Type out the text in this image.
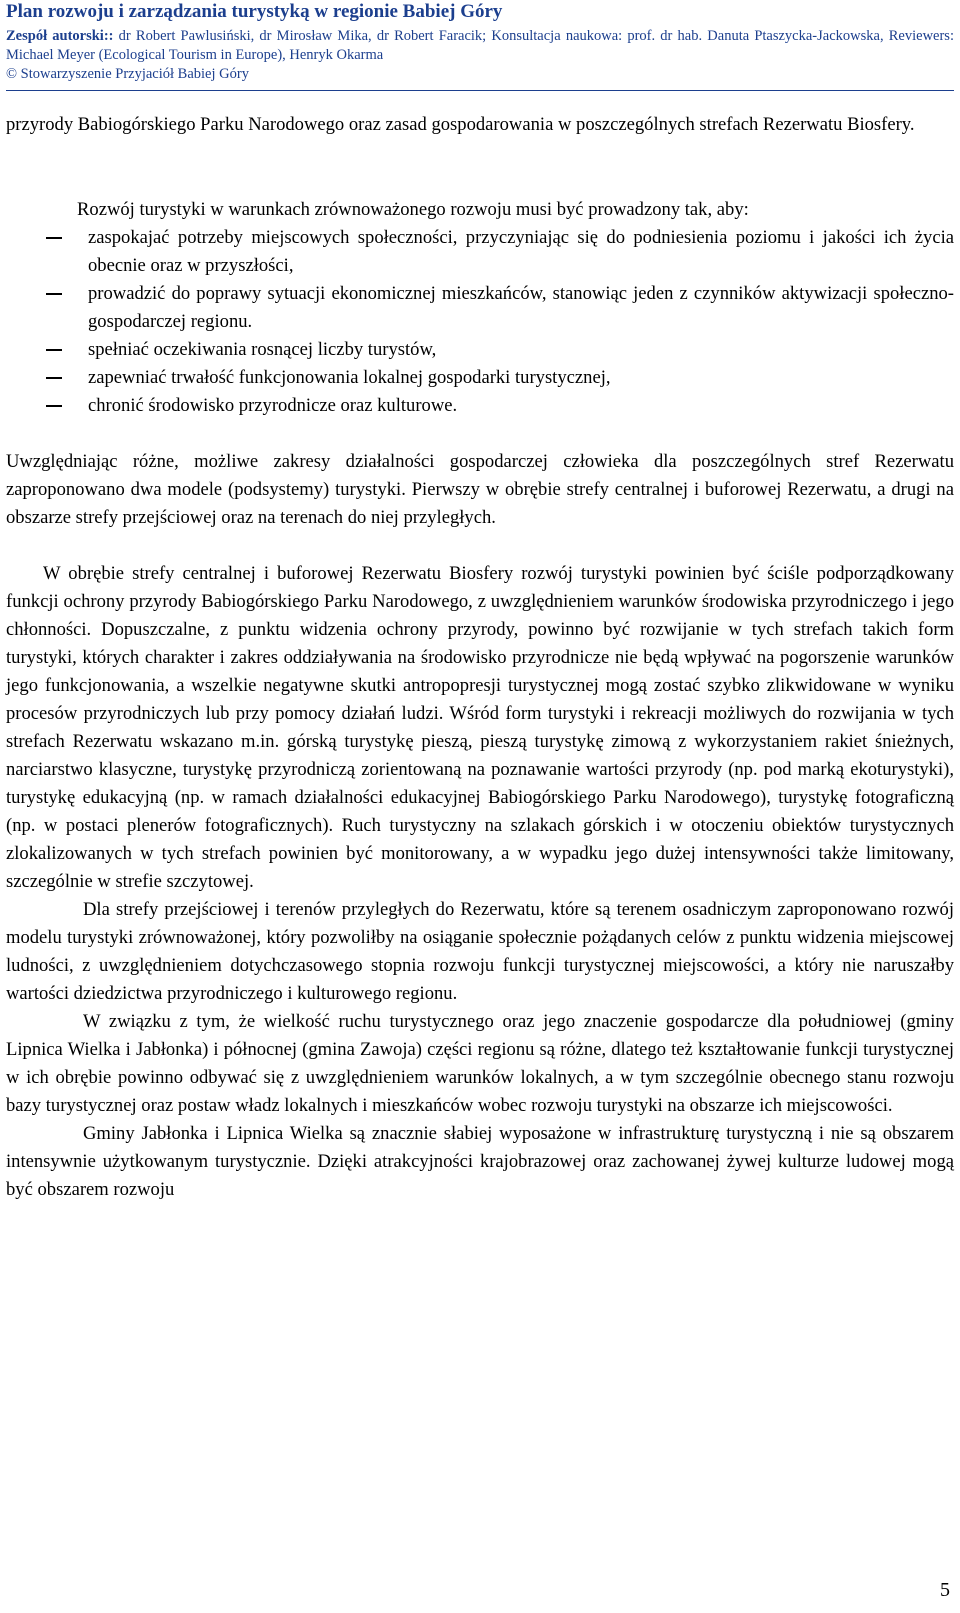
Plan rozwoju i zarządzania turystyką w regionie Babiej Góry

Zespół autorski:: dr Robert Pawlusiński, dr Mirosław Mika, dr Robert Faracik; Konsultacja naukowa: prof. dr hab. Danuta Ptaszycka-Jackowska, Reviewers: Michael Meyer (Ecological Tourism in Europe), Henryk Okarma

© Stowarzyszenie Przyjaciół Babiej Góry

przyrody Babiogórskiego Parku Narodowego oraz zasad gospodarowania w poszczególnych strefach Rezerwatu Biosfery.

Rozwój turystyki w warunkach zrównoważonego rozwoju musi być prowadzony tak, aby:

zaspokajać potrzeby miejscowych społeczności, przyczyniając się do podniesienia poziomu i jakości ich życia obecnie oraz w przyszłości,
prowadzić do poprawy sytuacji ekonomicznej mieszkańców, stanowiąc jeden z czynników aktywizacji społeczno-gospodarczej regionu.
spełniać oczekiwania rosnącej liczby turystów,
zapewniać trwałość funkcjonowania lokalnej gospodarki turystycznej,
chronić środowisko przyrodnicze oraz kulturowe.

Uwzględniając różne, możliwe zakresy działalności gospodarczej człowieka dla poszczególnych stref Rezerwatu zaproponowano dwa modele (podsystemy) turystyki. Pierwszy w obrębie strefy centralnej i buforowej Rezerwatu, a drugi na obszarze strefy przejściowej oraz na terenach do niej przyległych.

W obrębie strefy centralnej i buforowej Rezerwatu Biosfery rozwój turystyki powinien być ściśle podporządkowany funkcji ochrony przyrody Babiogórskiego Parku Narodowego, z uwzględnieniem warunków środowiska przyrodniczego i jego chłonności. Dopuszczalne, z punktu widzenia ochrony przyrody, powinno być rozwijanie w tych strefach takich form turystyki, których charakter i zakres oddziaływania na środowisko przyrodnicze nie będą wpływać na pogorszenie warunków jego funkcjonowania, a wszelkie negatywne skutki antropopresji turystycznej mogą zostać szybko zlikwidowane w wyniku procesów przyrodniczych lub przy pomocy działań ludzi. Wśród form turystyki i rekreacji możliwych do rozwijania w tych strefach Rezerwatu wskazano m.in. górską turystykę pieszą, pieszą turystykę zimową z wykorzystaniem rakiet śnieżnych, narciarstwo klasyczne, turystykę przyrodniczą zorientowaną na poznawanie wartości przyrody (np. pod marką ekoturystyki), turystykę edukacyjną (np. w ramach działalności edukacyjnej Babiogórskiego Parku Narodowego), turystykę fotograficzną (np. w postaci plenerów fotograficznych). Ruch turystyczny na szlakach górskich i w otoczeniu obiektów turystycznych zlokalizowanych w tych strefach powinien być monitorowany, a w wypadku jego dużej intensywności także limitowany, szczególnie w strefie szczytowej.

Dla strefy przejściowej i terenów przyległych do Rezerwatu, które są terenem osadniczym zaproponowano rozwój modelu turystyki zrównoważonej, który pozwoliłby na osiąganie społecznie pożądanych celów z punktu widzenia miejscowej ludności, z uwzględnieniem dotychczasowego stopnia rozwoju funkcji turystycznej miejscowości, a który nie naruszałby wartości dziedzictwa przyrodniczego i kulturowego regionu.

W związku z tym, że wielkość ruchu turystycznego oraz jego znaczenie gospodarcze dla południowej (gminy Lipnica Wielka i Jabłonka) i północnej (gmina Zawoja) części regionu są różne, dlatego też kształtowanie funkcji turystycznej w ich obrębie powinno odbywać się z uwzględnieniem warunków lokalnych, a w tym szczególnie obecnego stanu rozwoju bazy turystycznej oraz postaw władz lokalnych i mieszkańców wobec rozwoju turystyki na obszarze ich miejscowości.

Gminy Jabłonka i Lipnica Wielka są znacznie słabiej wyposażone w infrastrukturę turystyczną i nie są obszarem intensywnie użytkowanym turystycznie. Dzięki atrakcyjności krajobrazowej oraz zachowanej żywej kulturze ludowej mogą być obszarem rozwoju

5
